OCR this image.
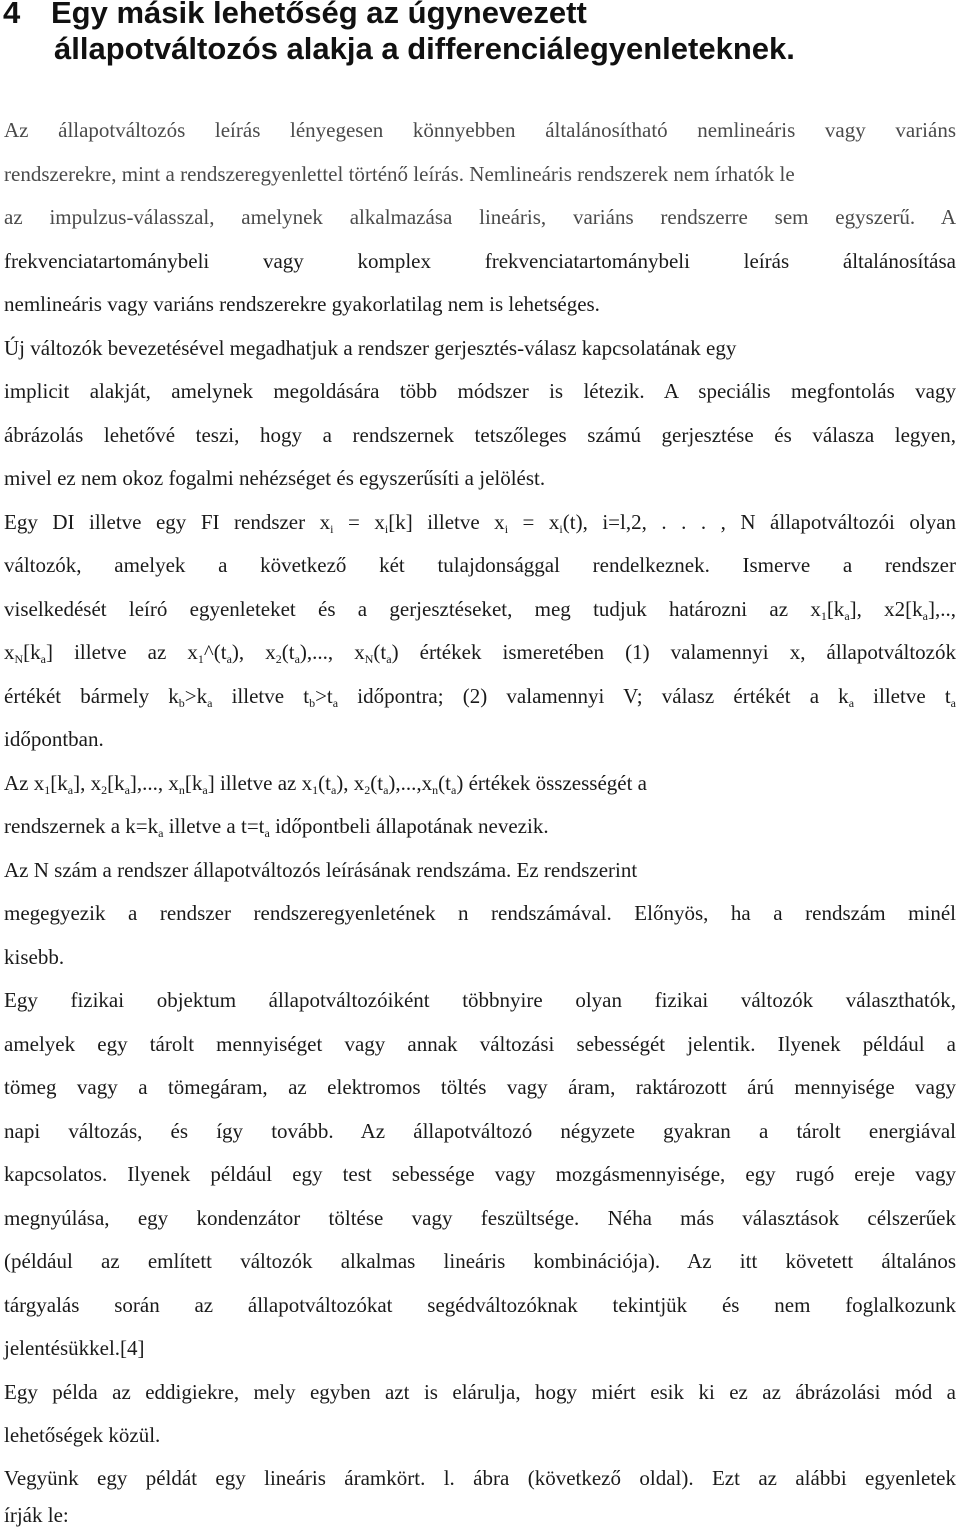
4 Egy másik lehetőség az úgynevezett
állapotváltozós alakja a differenciálegyenleteknek.
Az állapotváltozós leírás lényegesen könnyebben általánosítható nemlineáris vagy variáns
rendszerekre, mint a rendszeregyenlettel történő leírás. Nemlineáris rendszerek nem írhatók le
az impulzus-válasszal, amelynek alkalmazása lineáris, variáns rendszerre sem egyszerű. A
frekvenciatartománybeli vagy komplex frekvenciatartománybeli leírás általánosítása
nemlineáris vagy variáns rendszerekre gyakorlatilag nem is lehetséges.
Új változók bevezetésével megadhatjuk a rendszer gerjesztés-válasz kapcsolatának egy
implicit alakját, amelynek megoldására több módszer is létezik. A speciális megfontolás vagy
ábrázolás lehetővé teszi, hogy a rendszernek tetszőleges számú gerjesztése és válasza legyen,
mivel ez nem okoz fogalmi nehézséget és egyszerűsíti a jelölést.
Egy DI illetve egy FI rendszer $x_i = x_i[k]$ illetve $x_i = x_i(t)$, i=l,2, . . . , N állapotváltozói olyan
változók, amelyek a következő két tulajdonsággal rendelkeznek. Ismerve a rendszer
viselkedését leíró egyenleteket és a gerjesztéseket, meg tudjuk határozni az $x_1[k_a]$, $x2[k_a]$,..,
$x_N[k_a]$ illetve az $x_1\^{}(t_a)$, $x_2(t_a)$,..., $x_N(t_a)$ értékek ismeretében (1) valamennyi x, állapotváltozók
értékét bármely $k_b>k_a$ illetve $t_b>t_a$ időpontra; (2) valamennyi V; válasz értékét a $k_a$ illetve $t_a$
időpontban.
Az $x_1[k_a]$, $x_2[k_a]$,..., $x_n[k_a]$ illetve az $x_1(t_a)$, $x_2(t_a),...,x_n(t_a)$ értékek összességét a
rendszernek a $k=k_a$ illetve a $t=t_a$ időpontbeli állapotának nevezik.
Az N szám a rendszer állapotváltozós leírásának rendszáma. Ez rendszerint
megegyezik a rendszer rendszeregyenletének n rendszámával. Előnyös, ha a rendszám minél
kisebb.
Egy fizikai objektum állapotváltozóiként többnyire olyan fizikai változók választhatók,
amelyek egy tárolt mennyiséget vagy annak változási sebességét jelentik. Ilyenek például a
tömeg vagy a tömegáram, az elektromos töltés vagy áram, raktározott árú mennyisége vagy
napi változás, és így tovább. Az állapotváltozó négyzete gyakran a tárolt energiával
kapcsolatos. Ilyenek például egy test sebessége vagy mozgásmennyisége, egy rugó ereje vagy
megnyúlása, egy kondenzátor töltése vagy feszültsége. Néha más választások célszerűek
(például az említett változók alkalmas lineáris kombinációja). Az itt követett általános
tárgyalás során az állapotváltozókat segédváltozóknak tekintjük és nem foglalkozunk
jelentésükkel.[4]
Egy példa az eddigiekre, mely egyben azt is elárulja, hogy miért esik ki ez az ábrázolási mód a
lehetőségek közül.
Vegyünk egy példát egy lineáris áramkört. l. ábra (következő oldal). Ezt az alábbi egyenletek
írják le:
